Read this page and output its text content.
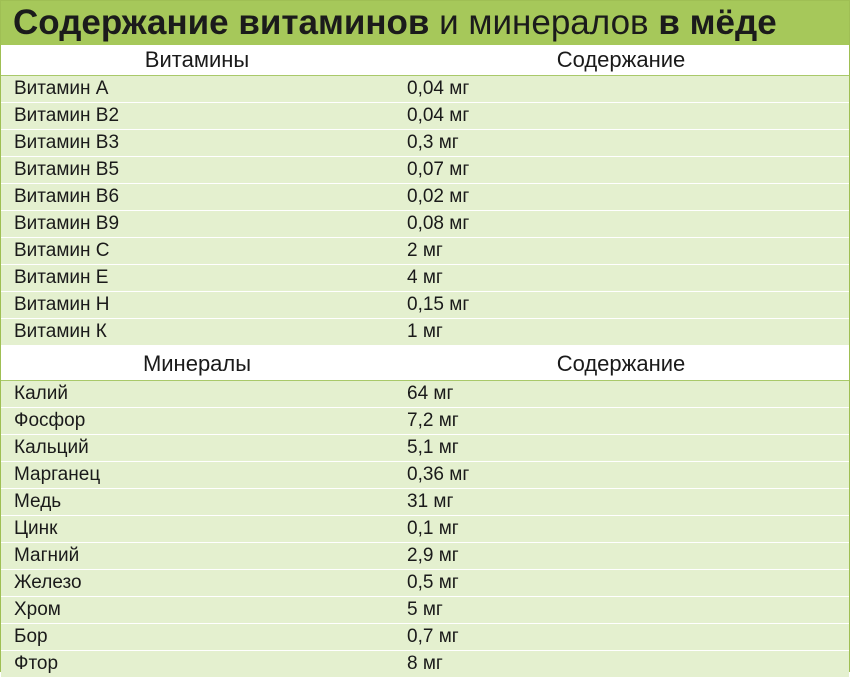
Содержание витаминов и минералов в мёде
Витамины	Содержание
Витамин А	0,04 мг
Витамин В2	0,04 мг
Витамин В3	0,3 мг
Витамин В5	0,07 мг
Витамин В6	0,02 мг
Витамин В9	0,08 мг
Витамин С	2 мг
Витамин Е	4 мг
Витамин Н	0,15 мг
Витамин К	1 мг
Минералы	Содержание
Калий	64 мг
Фосфор	7,2 мг
Кальций	5,1 мг
Марганец	0,36 мг
Медь	31 мг
Цинк	0,1 мг
Магний	2,9 мг
Железо	0,5 мг
Хром	5 мг
Бор	0,7 мг
Фтор	8 мг
